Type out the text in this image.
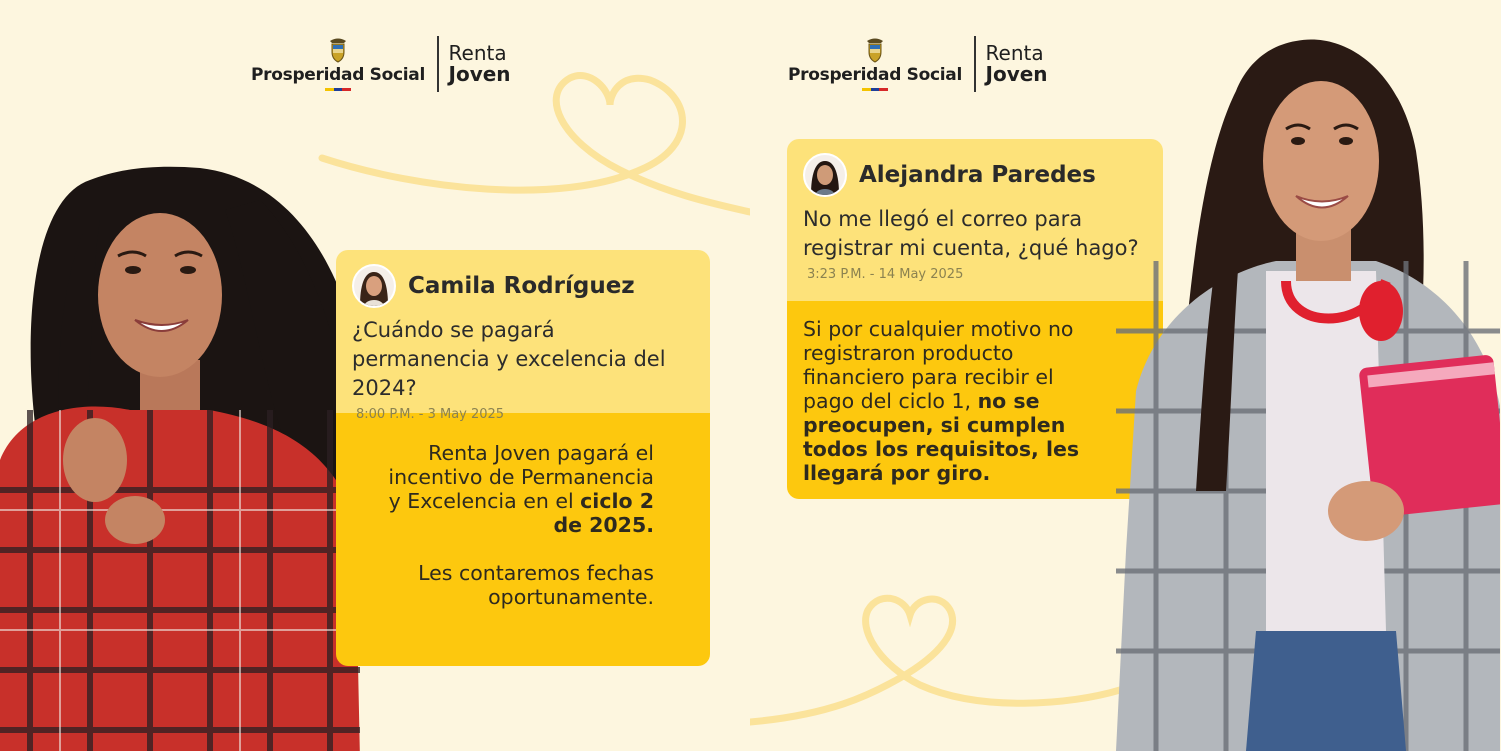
Prosperidad Social
Renta
Joven
Camila Rodríguez
¿Cuándo se pagará permanencia y excelencia del 2024?
8:00 P.M. - 3 May 2025

Renta Joven pagará el incentivo de Permanencia y Excelencia en el ciclo 2 de 2025.

Les contaremos fechas oportunamente.

Prosperidad Social
Renta
Joven
Alejandra Paredes
No me llegó el correo para registrar mi cuenta, ¿qué hago?
3:23 P.M. - 14 May 2025

Si por cualquier motivo no registraron producto financiero para recibir el pago del ciclo 1, no se preocupen, si cumplen todos los requisitos, les llegará por giro.
